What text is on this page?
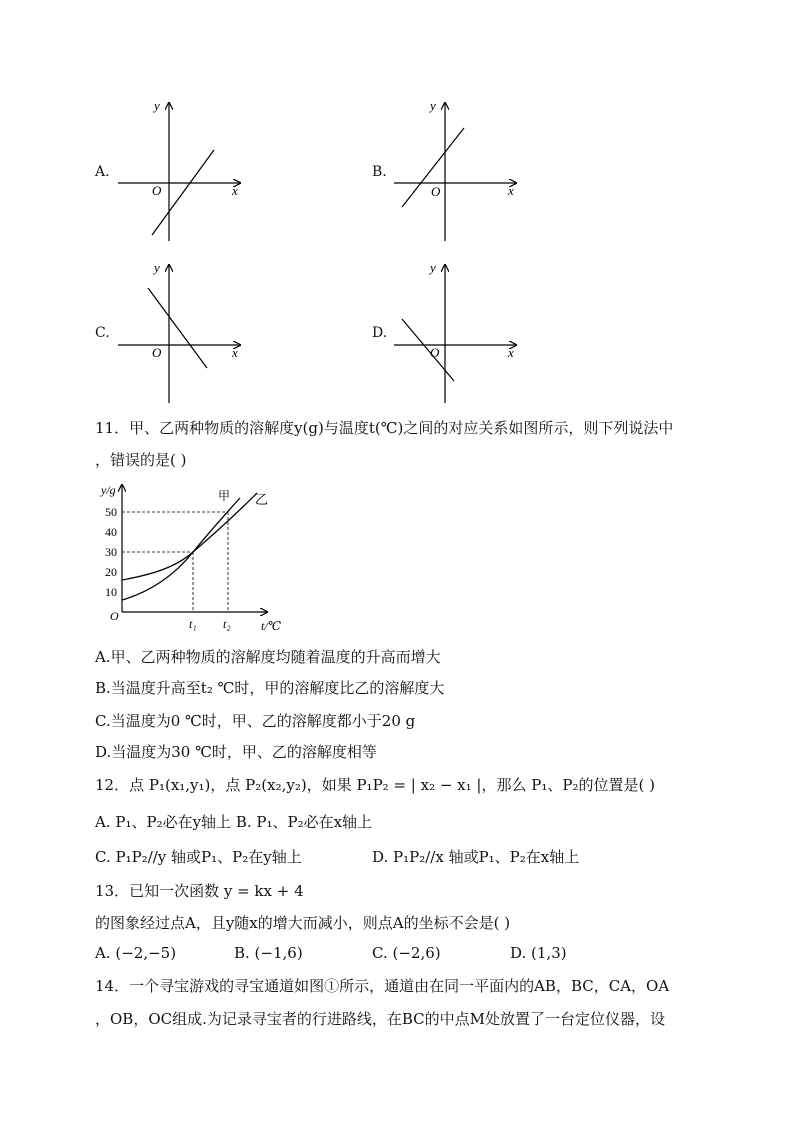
A.
y
x
O
B.
y
x
O
C.
y
x
O
D.
y
x
O
11．甲、乙两种物质的溶解度y(g)与温度t(℃)之间的对应关系如图所示，则下列说法中
，错误的是( )
y/g
t/℃
O
10
20
30
40
50
t₁ t₂
甲 乙
A.甲、乙两种物质的溶解度均随着温度的升高而增大
B.当温度升高至t₂ ℃时，甲的溶解度比乙的溶解度大
C.当温度为0 ℃时，甲、乙的溶解度都小于20 g
D.当温度为30 ℃时，甲、乙的溶解度相等
12．点 P₁(x₁,y₁)，点 P₂(x₂,y₂)，如果 P₁P₂ = | x₂ − x₁ |，那么 P₁、P₂的位置是( )
A. P₁、P₂必在y轴上 B. P₁、P₂必在x轴上
C. P₁P₂//y 轴或P₁、P₂在y轴上	D. P₁P₂//x 轴或P₁、P₂在x轴上
13．已知一次函数 y = kx + 4
的图象经过点A，且y随x的增大而减小，则点A的坐标不会是( )
A. (−2,−5)	B. (−1,6)	C. (−2,6)	D. (1,3)
14．一个寻宝游戏的寻宝通道如图①所示，通道由在同一平面内的AB，BC，CA，OA
，OB，OC组成.为记录寻宝者的行进路线，在BC的中点M处放置了一台定位仪器，设
